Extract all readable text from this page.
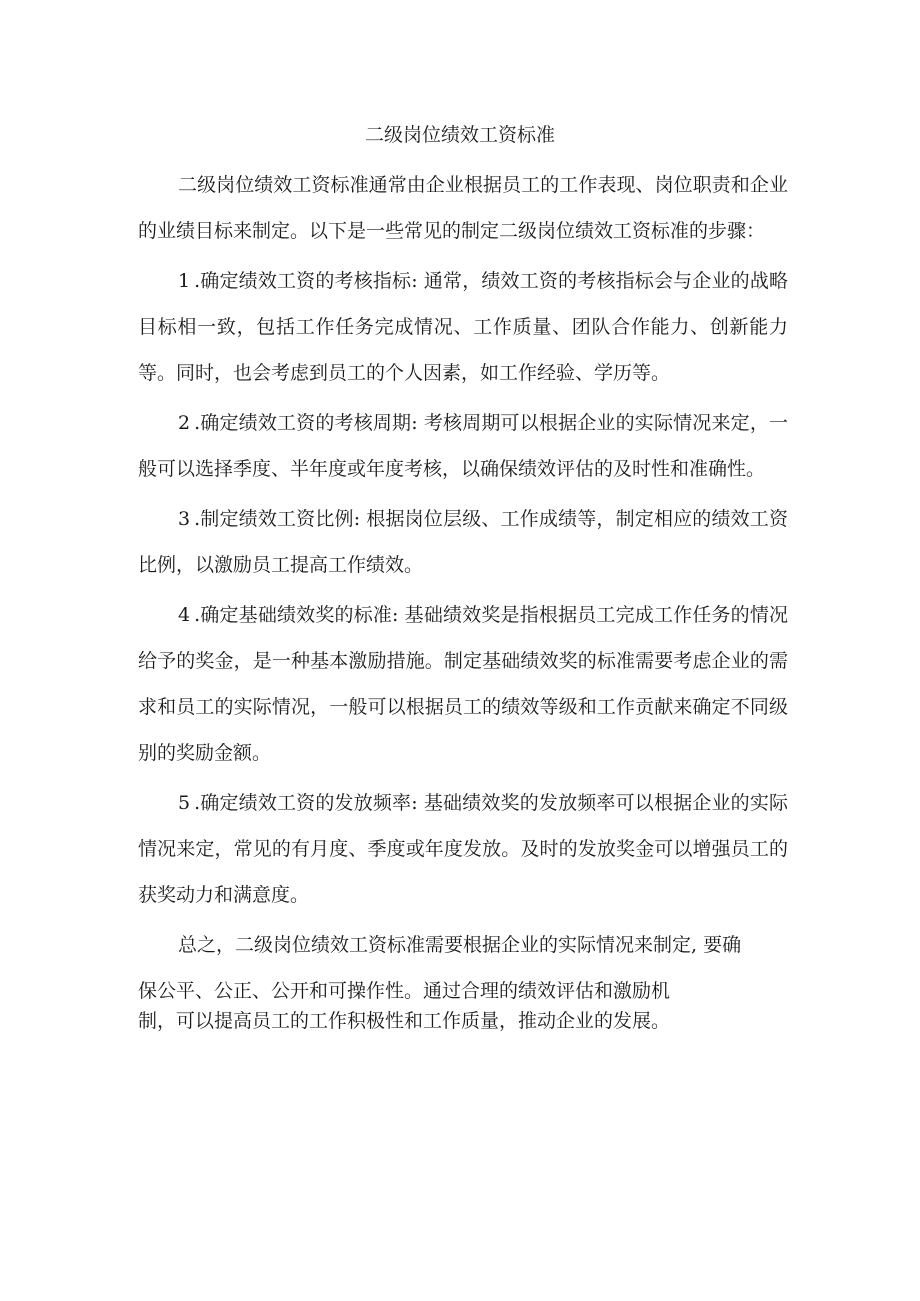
二级岗位绩效工资标准

二级岗位绩效工资标准通常由企业根据员工的工作表现、岗位职责和企业的业绩目标来制定。以下是一些常见的制定二级岗位绩效工资标准的步骤：

1 .确定绩效工资的考核指标: 通常，绩效工资的考核指标会与企业的战略目标相一致，包括工作任务完成情况、工作质量、团队合作能力、创新能力等。同时，也会考虑到员工的个人因素，如工作经验、学历等。

2 .确定绩效工资的考核周期: 考核周期可以根据企业的实际情况来定，一般可以选择季度、半年度或年度考核，以确保绩效评估的及时性和准确性。

3 .制定绩效工资比例: 根据岗位层级、工作成绩等，制定相应的绩效工资比例，以激励员工提高工作绩效。

4 .确定基础绩效奖的标准: 基础绩效奖是指根据员工完成工作任务的情况给予的奖金，是一种基本激励措施。制定基础绩效奖的标准需要考虑企业的需求和员工的实际情况，一般可以根据员工的绩效等级和工作贡献来确定不同级别的奖励金额。

5 .确定绩效工资的发放频率: 基础绩效奖的发放频率可以根据企业的实际情况来定，常见的有月度、季度或年度发放。及时的发放奖金可以增强员工的获奖动力和满意度。

总之，二级岗位绩效工资标准需要根据企业的实际情况来制定, 要确

保公平、公正、公开和可操作性。通过合理的绩效评估和激励机

制，可以提高员工的工作积极性和工作质量，推动企业的发展。
